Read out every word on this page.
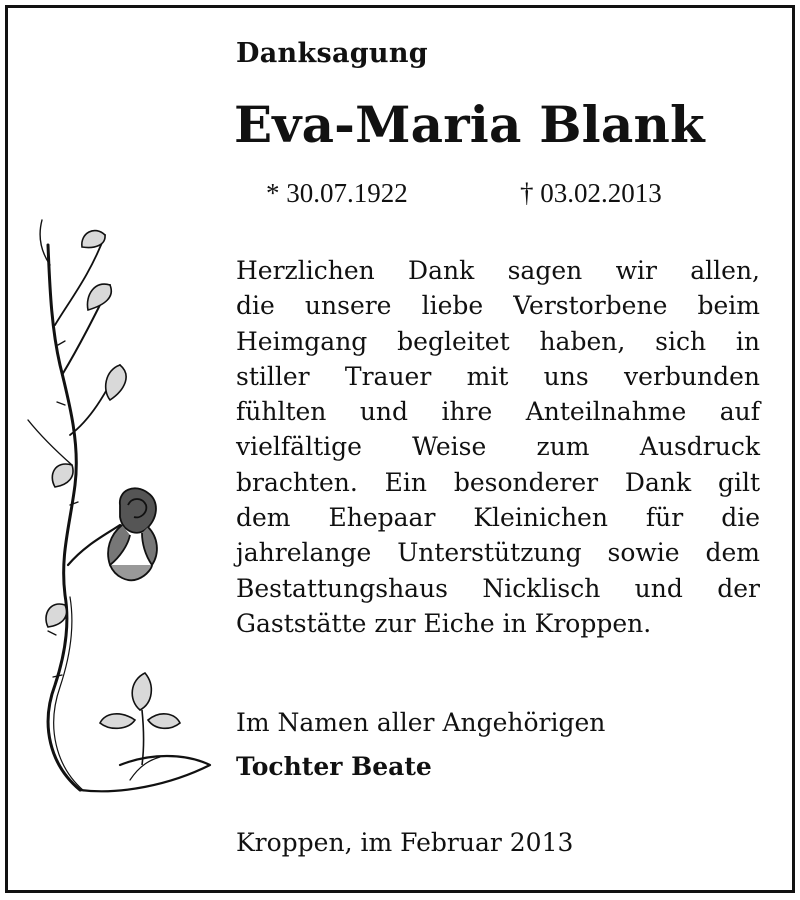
Danksagung
Eva-Maria Blank
* 30.07.1922	† 03.02.2013
Herzlichen Dank sagen wir allen,
die unsere liebe Verstorbene beim
Heimgang begleitet haben, sich in
stiller Trauer mit uns verbunden
fühlten und ihre Anteilnahme auf
vielfältige Weise zum Ausdruck
brachten. Ein besonderer Dank gilt
dem Ehepaar Kleinichen für die
jahrelange Unterstützung sowie dem
Bestattungshaus Nicklisch und der
Gaststätte zur Eiche in Kroppen.
Im Namen aller Angehörigen
Tochter Beate
Kroppen, im Februar 2013
